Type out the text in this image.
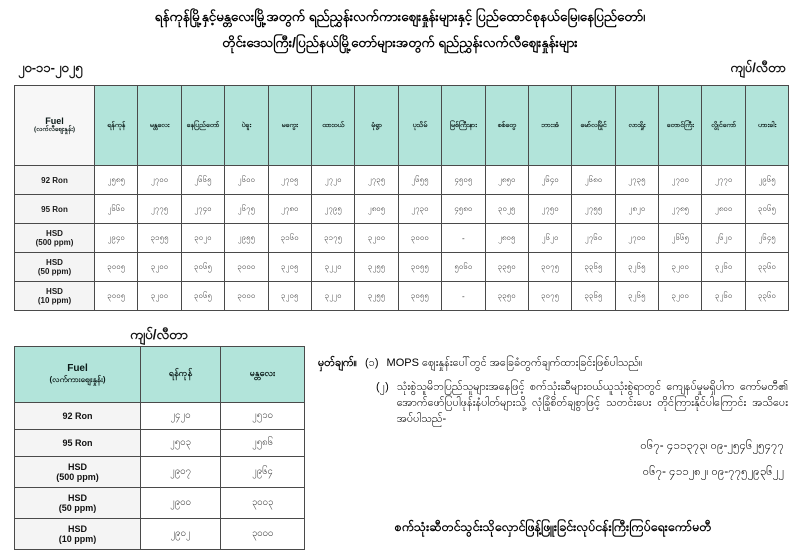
ရန်ကုန်မြို့နှင့်မန္တလေးမြို့အတွက် ရည်ညွှန်းလက်ကားဈေးနှုန်းများနှင့် ပြည်ထောင်စုနယ်မြေ၊နေပြည်တော်၊
တိုင်းဒေသကြီး/ပြည်နယ်မြို့တော်များအတွက် ရည်ညွှန်းလက်လီဈေးနှုန်းများ
၂၀-၁၁-၂၀၂၅	ကျပ်/လီတာ
Fuel
(လက်လီဈေးနှုန်း)	ရန်ကုန်	မန္တလေး	နေပြည်တော်	ပဲခူး	မကွေး	ထားဝယ်	မုံရွာ	ပုသိမ်	မြစ်ကြီးနား	စစ်တွေ	ဘားအံ	မော်လမြိုင်	လားရှိုး	တောင်ကြီး	လွိုင်ကော်	ဟားခါး

92 Ron	၂၅၈၅	၂၇၀၀	၂၆၆၅	၂၆၀၀	၂၇၀၅	၂၇၂၀	၂၇၃၅	၂၆၅၅	၄၅၀၅	၂၈၅၀	၂၆၄၀	၂၆၈၀	၂၇၃၅	၂၇၀၀	၂၇၇၀	၂၉၆၅

95 Ron	၂၆၆၀	၂၇၇၅	၂၇၄၀	၂၆၇၅	၂၇၈၀	၂၇၉၅	၂၈၀၅	၂၇၃၀	၄၅၈၀	၃၀၂၅	၂၇၅၀	၂၇၅၅	၂၈၂၀	၂၇၈၅	၂၈၀၀	၃၀၆၅

HSD
(500 ppm)	၂၉၄၀	၃၁၅၅	၃၀၂၀	၂၉၅၅	၃၁၆၀	၃၁၇၅	၃၂၀၀	၃၀၀၀	-	၂၈၀၅	၂၆၂၀	၂၇၆၀	၂၇၀၀	၂၆၆၅	၂၆၂၀	၂၆၄၅

HSD
(50 ppm)	၃၀၀၅	၃၂၀၀	၃၀၆၅	၃၀၀၀	၃၂၀၅	၃၂၂၀	၃၂၅၅	၃၀၅၅	၅၀၆၀	၃၃၅၀	၃၀၇၅	၃၃၆၅	၃၂၆၅	၃၂၀၀	၃၂၆၀	၃၃၆၀

HSD
(10 ppm)	၃၀၀၅	၃၂၀၀	၃၀၆၅	၃၀၀၀	၃၂၀၅	၃၂၂၀	၃၂၅၅	၃၀၅၅	-	၃၃၅၀	၃၀၇၅	၃၃၆၅	၃၂၆၅	၃၂၀၀	၃၂၆၀	၃၃၆၀
ကျပ်/လီတာ
Fuel
(လက်ကားဈေးနှုန်း)	ရန်ကုန်	မန္တလေး

92 Ron	၂၄၂၀	၂၅၁၀

95 Ron	၂၅၀၃	၂၅၈၆

HSD
(500 ppm)	၂၉၀၇	၂၉၆၄

HSD
(50 ppm)	၂၉၀၀	၃၀၀၃

HSD
(10 ppm)	၂၉၀၂	၃၀၀၀
မှတ်ချက်။ (၁) MOPS ဈေးနှုန်းပေါ်တွင် အခြေခံတွက်ချက်ထားခြင်းဖြစ်ပါသည်။
(၂) သုံးစွဲသူမိဘပြည်သူများအနေဖြင့် စက်သုံးဆီများဝယ်ယူသုံးစွဲရာတွင် ကျေနပ်မှုမရှိပါက ကော်မတီ၏ အောက်ဖော်ပြပါဖုန်းနံပါတ်များသို့ လုံခြုံစိတ်ချစွာဖြင့် သတင်းပေး တိုင်ကြားနိုင်ပါကြောင်း အသိပေးအပ်ပါသည်-
၀၆၇- ၄၁၁၃၇၃၊ ၀၉-၂၅၄၆၂၅၄၇၇
၀၆၇- ၄၁၁၂၈၂၊ ၀၉-၇၇၅၂၉၃၆၂၂
စက်သုံးဆီတင်သွင်းသိုလှောင်ဖြန့်ဖြူးခြင်းလုပ်ငန်းကြီးကြပ်ရေးကော်မတီ
